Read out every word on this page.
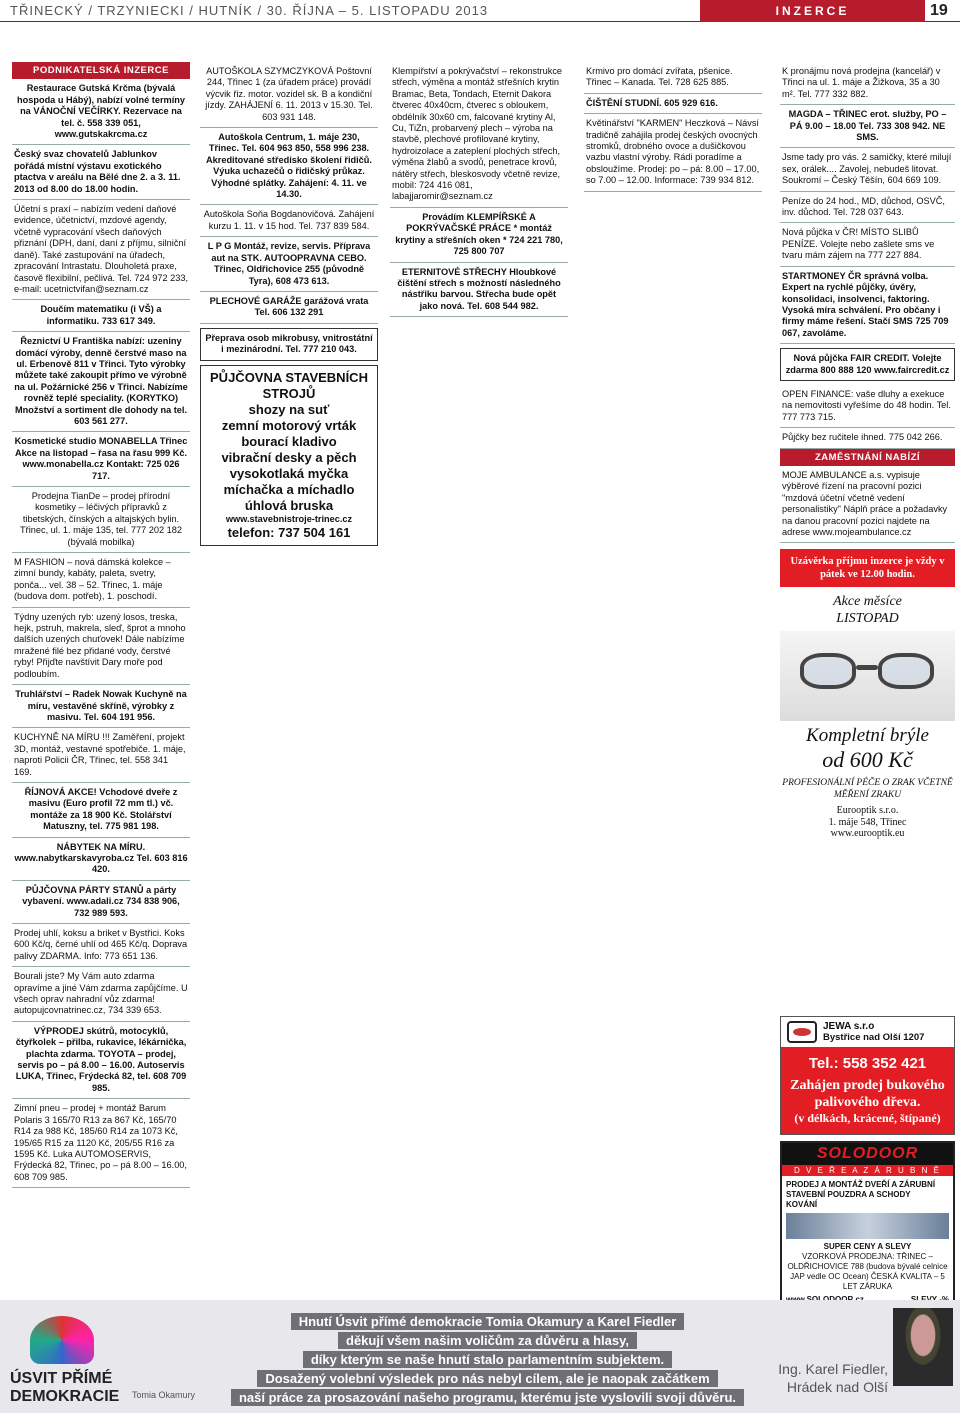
TŘINECKÝ / TRZYNIECKI / HUTNÍK / 30. ŘÍJNA – 5. LISTOPADU 2013	INZERCE	19
PODNIKATELSKÁ INZERCE
Restaurace Gutská Krčma (bývalá hospoda u Hábý), nabízí volné termíny na VÁNOČNÍ VEČÍRKY. Rezervace na tel. č. 558 339 051, www.gutskakrcma.cz
Český svaz chovatelů Jablunkov pořádá místní výstavu exotického ptactva v areálu na Bělé dne 2. a 3. 11. 2013 od 8.00 do 18.00 hodin.
Účetní s praxí – nabízím vedení daňové evidence, účetnictví, mzdové agendy, včetně vypracování všech daňových přiznání (DPH, daní, daní z příjmu, silniční daně). Také zastupování na úřadech, zpracování Intrastatu. Dlouholetá praxe, časově flexibilní, pečlivá. Tel. 724 972 233, e-mail: ucetnictvifan@seznam.cz
Doučím matematiku (i VŠ) a informatiku. 733 617 349.
Řeznictví U Františka nabízí: uzeniny domácí výroby, denně čerstvé maso na ul. Erbenově 811 v Třinci. Tyto výrobky můžete také zakoupit přímo ve výrobně na ul. Požárnické 256 v Třinci. Nabízíme rovněž teplé speciality. (KORYTKO) Množství a sortiment dle dohody na tel. 603 561 277.
Kosmetické studio MONABELLA Třinec Akce na listopad – řasa na řasu 999 Kč. www.monabella.cz Kontakt: 725 026 717.
Prodejna TianDe – prodej přírodní kosmetiky – léčivých přípravků z tibetských, čínských a altajských bylin. Třinec, ul. 1. máje 135, tel. 777 202 182 (bývalá mobilka)
M FASHION – nová dámská kolekce – zimní bundy, kabáty, paleta, svetry, ponča... vel. 38 – 52. Třinec, 1. máje (budova dom. potřeb), 1. poschodí.
Týdny uzených ryb: uzený losos, treska, hejk, pstruh, makrela, sleď, šprot a mnoho dalších uzených chuťovek! Dále nabízíme mražené filé bez přidané vody, čerstvé ryby! Přijďte navštívit Dary moře pod podloubím.
Truhlářství – Radek Nowak Kuchyně na míru, vestavěné skříně, výrobky z masivu. Tel. 604 191 956.
KUCHYNĚ NA MÍRU !!! Zaměření, projekt 3D, montáž, vestavné spotřebiče. 1. máje, naproti Policii ČR, Třinec, tel. 558 341 169.
ŘÍJNOVÁ AKCE! Vchodové dveře z masivu (Euro profil 72 mm tl.) vč. montáže za 18 900 Kč. Stolářství Matuszny, tel. 775 981 198.
NÁBYTEK NA MÍRU. www.nabytkarskavyroba.cz Tel. 603 816 420.
PŮJČOVNA PÁRTY STANŮ a párty vybavení. www.adali.cz 734 838 906, 732 989 593.
Prodej uhlí, koksu a briket v Bystřici. Koks 600 Kč/q, černé uhlí od 465 Kč/q. Doprava palivy ZDARMA. Info: 773 651 136.
Bourali jste? My Vám auto zdarma opravíme a jiné Vám zdarma zapůjčíme. U všech oprav nahradní vůz zdarma! autopujcovnatrinec.cz, 734 339 653.
VÝPRODEJ skútrů, motocyklů, čtyřkolek – přilba, rukavice, lékárnička, plachta zdarma. TOYOTA – prodej, servis po – pá 8.00 – 16.00. Autoservis LUKA, Třinec, Frýdecká 82, tel. 608 709 985.
Zimní pneu – prodej + montáž Barum Polaris 3 165/70 R13 za 867 Kč, 165/70 R14 za 988 Kč, 185/60 R14 za 1073 Kč, 195/65 R15 za 1120 Kč, 205/55 R16 za 1595 Kč. Luka AUTOMOSERVIS, Frýdecká 82, Třinec, po – pá 8.00 – 16.00, 608 709 985.
AUTOŠKOLA SZYMCZYKOVÁ Poštovní 244, Třinec 1 (za úřadem práce) provádí výcvik řiz. motor. vozidel sk. B a kondiční jízdy. ZAHÁJENÍ 6. 11. 2013 v 15.30. Tel. 603 931 148.
Autoškola Centrum, 1. máje 230, Třinec. Tel. 604 963 850, 558 996 238. Akreditované středisko školení řidičů. Výuka uchazečů o řidičský průkaz. Výhodné splátky. Zahájení: 4. 11. ve 14.30.
Autoškola Soňa Bogdanovičová. Zahájení kurzu 1. 11. v 15 hod. Tel. 737 839 584.
L P G Montáž, revize, servis. Příprava aut na STK. AUTOOPRAVNA CEBO. Třinec, Oldřichovice 255 (původně Tyra), 608 473 613.
PLECHOVÉ GARÁŽE garážová vrata Tel. 606 132 291
Přeprava osob mikrobusy, vnitrostátní i mezinárodní. Tel. 777 210 043.
PŮJČOVNA STAVEBNÍCH STROJŮ
shozy na suť
zemní motorový vrták
bourací kladivo
vibrační desky a pěch
vysokotlaká myčka
míchačka a míchadlo
úhlová bruska
www.stavebnistroje-trinec.cz
telefon: 737 504 161
Klempířství a pokrývačství – rekonstrukce střech, výměna a montáž střešních krytin Bramac, Beta, Tondach, Eternit Dakora čtverec 40x40cm, čtverec s obloukem, obdélník 30x60 cm, falcované krytiny Al, Cu, TiZn, probarvený plech – výroba na stavbě, plechové profilované krytiny, hydroizolace a zateplení plochých střech, výměna žlabů a svodů, penetrace krovů, nátěry střech, bleskosvody včetně revize, mobil: 724 416 081, labajjaromir@seznam.cz
Provádím KLEMPÍŘSKÉ A POKRÝVAČSKÉ PRÁCE * montáž krytiny a střešních oken * 724 221 780, 725 800 707
ETERNITOVÉ STŘECHY Hloubkové čištění střech s možností následného nástřiku barvou. Střecha bude opět jako nová. Tel. 608 544 982.
Krmivo pro domácí zvířata, pšenice. Třinec – Kanada. Tel. 728 625 885.
ČIŠTĚNÍ STUDNÍ. 605 929 616.
Květinářství "KARMEN" Heczková – Návsí tradičně zahájila prodej českých ovocných stromků, drobného ovoce a dušičkovou vazbu vlastní výroby. Rádi poradíme a obsloužíme. Prodej: po – pá: 8.00 – 17.00, so 7.00 – 12.00. Informace: 739 934 812.
K pronájmu nová prodejna (kancelář) v Třinci na ul. 1. máje a Žižkova, 35 a 30 m². Tel. 777 332 882.
MAGDA – TŘINEC erot. služby, PO – PÁ 9.00 – 18.00 Tel. 733 308 942. NE SMS.
Jsme tady pro vás. 2 samičky, které milují sex, orálek.... Zavolej, nebudeš litovat. Soukromí – Český Těšín, 604 669 109.
Peníze do 24 hod., MD, důchod, OSVČ, inv. důchod. Tel. 728 037 643.
Nová půjčka v ČR! MÍSTO SLIBŮ PENÍZE. Volejte nebo zašlete sms ve tvaru mám zájem na 777 227 884.
STARTMONEY ČR správná volba. Expert na rychlé půjčky, úvěry, konsolidaci, insolvenci, faktoring. Vysoká míra schválení. Pro občany i firmy máme řešení. Stačí SMS 725 709 067, zavoláme.
Nová půjčka FAIR CREDIT. Volejte zdarma 800 888 120 www.faircredit.cz
OPEN FINANCE: vaše dluhy a exekuce na nemovitosti vyřešíme do 48 hodin. Tel. 777 773 715.
Půjčky bez ručitele ihned. 775 042 266.
ZAMĚSTNÁNÍ NABÍZÍ
MOJE AMBULANCE a.s. vypisuje výběrové řízení na pracovní pozici "mzdová účetní včetně vedení personalistiky" Náplň práce a požadavky na danou pracovní pozici najdete na adrese www.mojeambulance.cz
Uzávěrka příjmu inzerce je vždy v pátek ve 12.00 hodin.
Akce měsíce
LISTOPAD
Kompletní brýle
od 600 Kč
PROFESIONÁLNÍ PÉČE O ZRAK VČETNĚ MĚŘENÍ ZRAKU
Eurooptik s.r.o.
1. máje 548, Třinec
www.eurooptik.eu
JEWA s.r.o
Bystřice nad Olší 1207
Tel.: 558 352 421
Zahájen prodej bukového
palivového dřeva.
(v délkách, krácené, štípané)
SOLODOOR
D V E Ř E A Z Á R U B N Ě
PRODEJ A MONTÁŽ DVEŘÍ A ZÁRUBNÍ
STAVEBNÍ POUZDRA A SCHODY
KOVÁNÍ
SUPER CENY A SLEVY
VZORKOVÁ PRODEJNA: TŘINEC – OLDŘICHOVICE 788 (budova bývalé celnice JAP vedle OC Ocean) ČESKÁ KVALITA – 5 LET ZÁRUKA
ÚSVIT PŘÍMÉ DEMOKRACIE	Tomia Okamury

Hnutí Úsvit přímé demokracie Tomia Okamury a Karel Fiedler

děkují všem našim voličům za důvěru a hlasy,

díky kterým se naše hnutí stalo parlamentním subjektem.

Dosažený volební výsledek pro nás nebyl cílem, ale je naopak začátkem

naší práce za prosazování našeho programu, kterému jste vyslovili svoji důvěru.

Ing. Karel Fiedler,
Hrádek nad Olší
